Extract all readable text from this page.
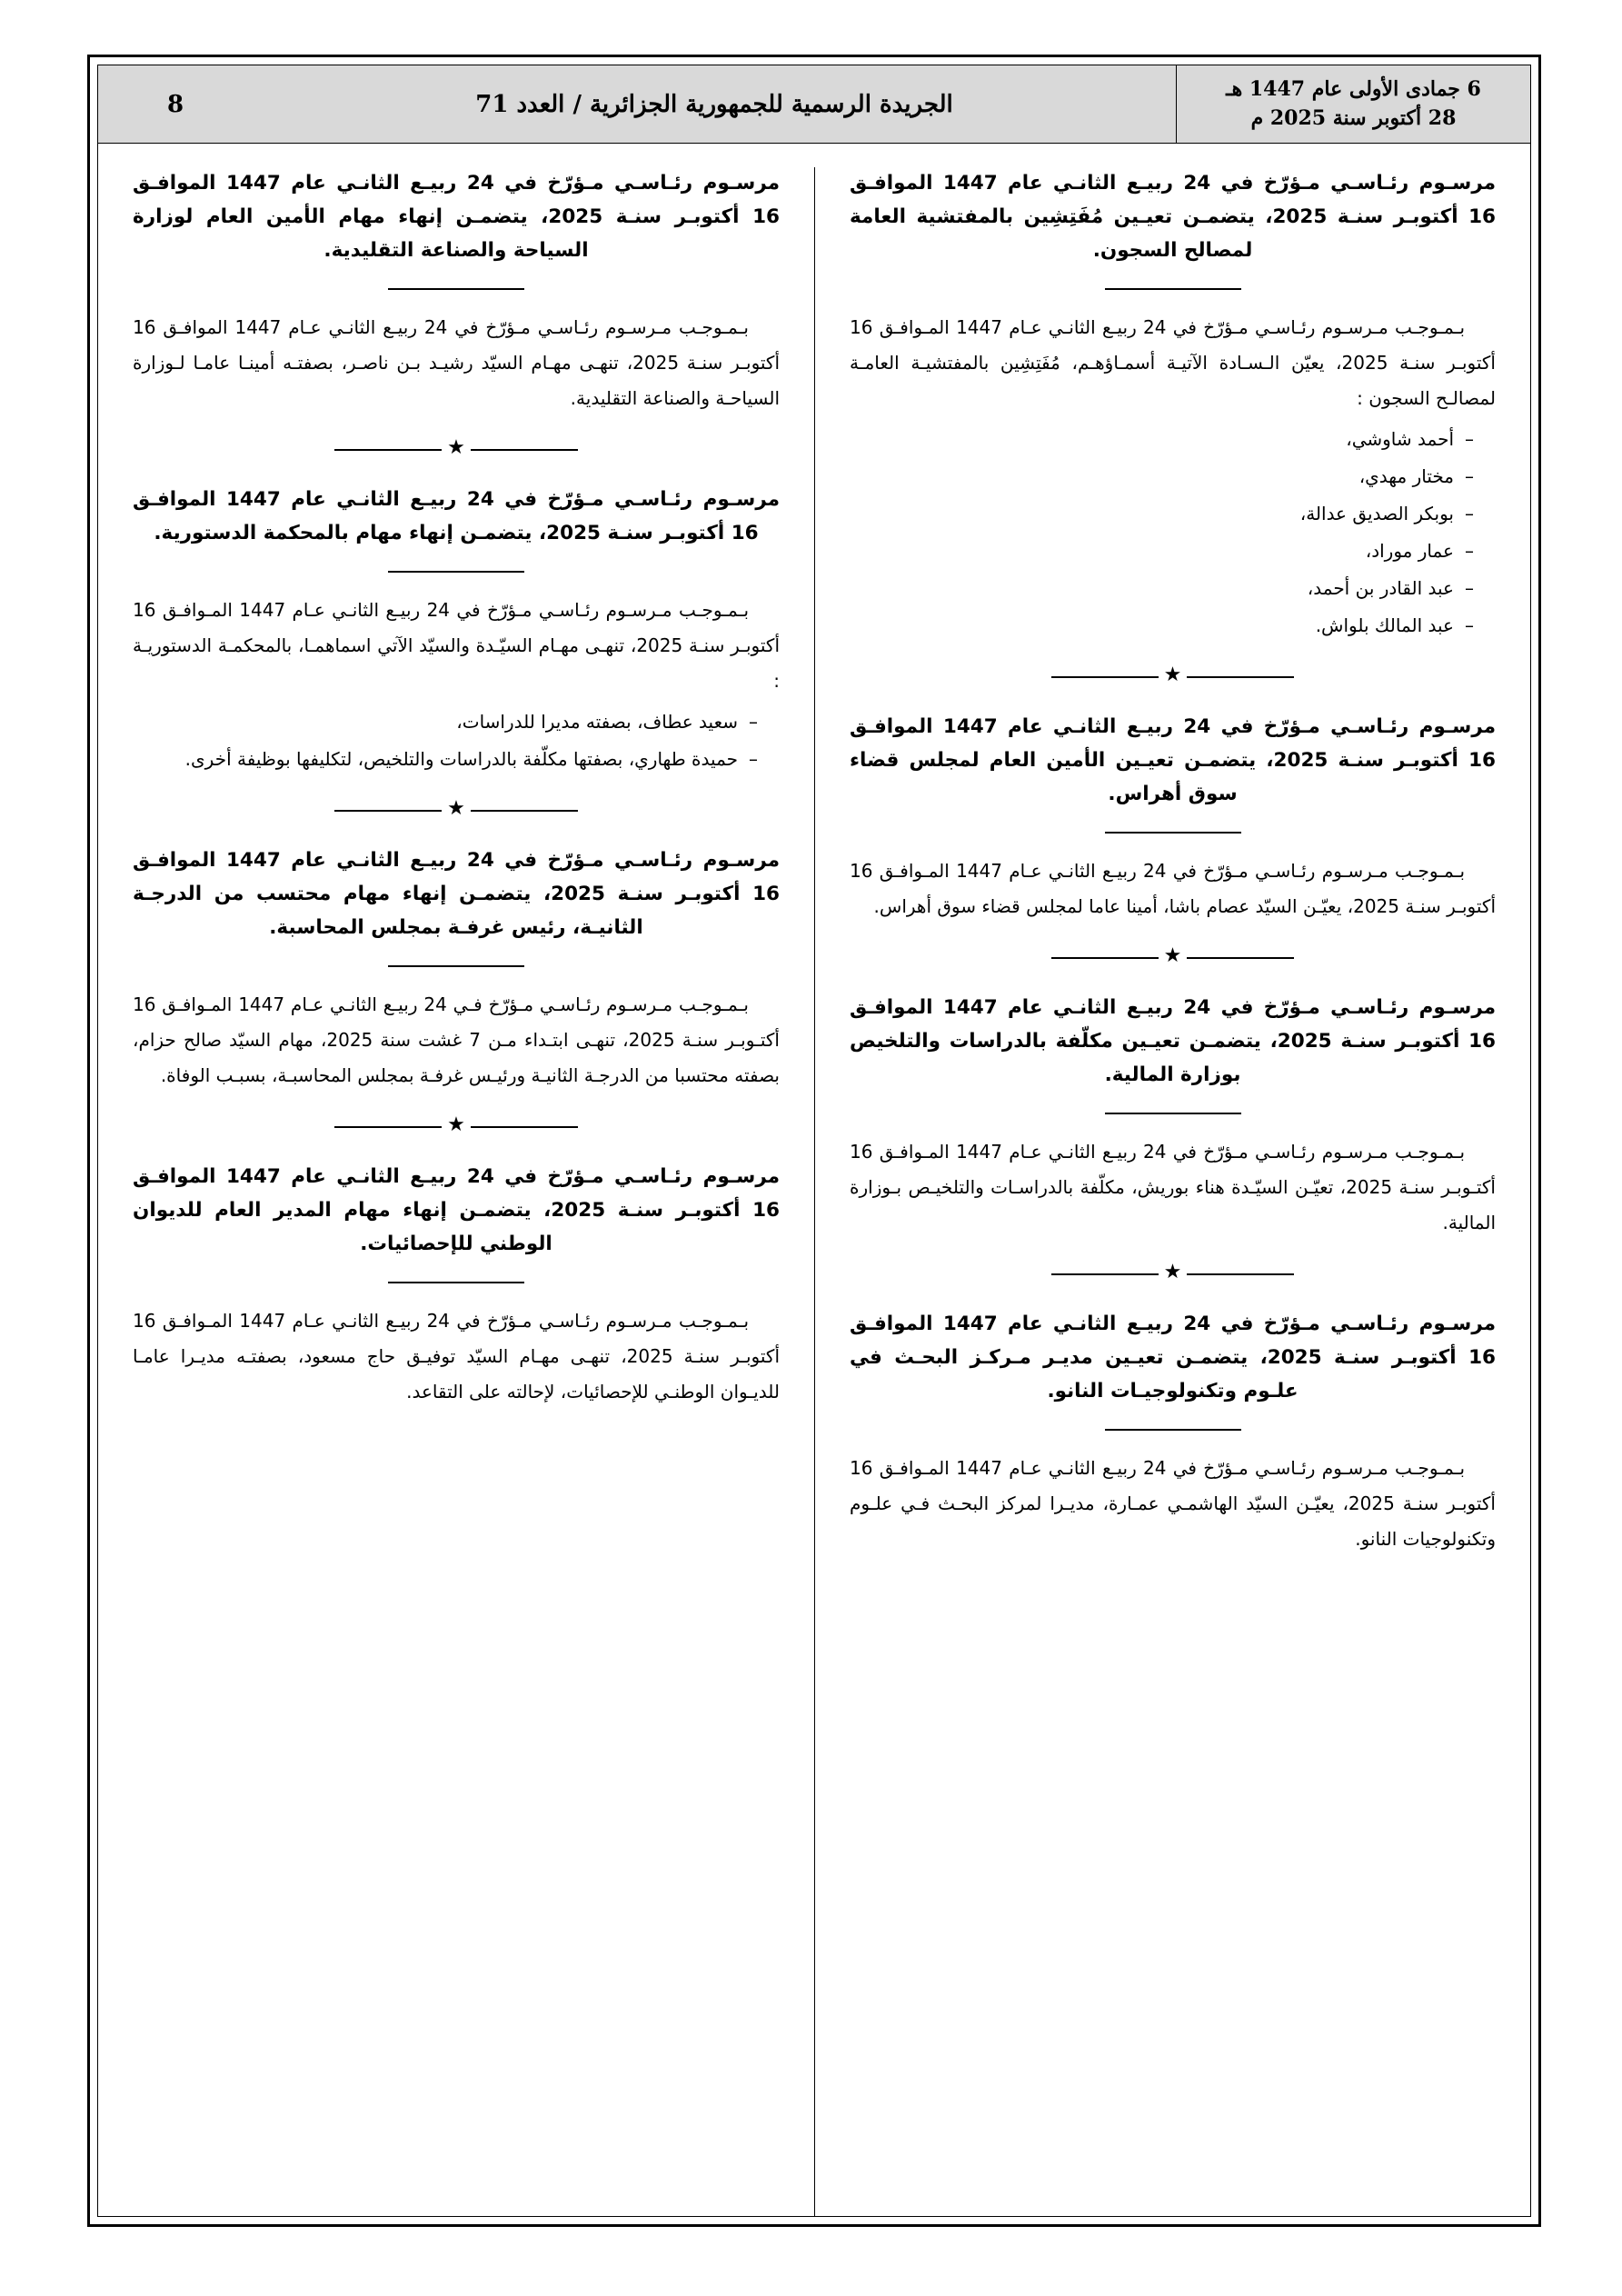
6 جمادى الأولى عام 1447 هـ
28 أكتوبر سنة 2025 م
الجريدة الرسمية للجمهورية الجزائرية / العدد 71
8

مرسـوم رئـاسـي مـؤرّخ في 24 ربيـع الثانـي عام 1447 الموافـق 16 أكتوبـر سنـة 2025، يتضمـن تعيـين مُفَتِشِين بالمفتشية العامة لمصالح السجون.

بـمـوجـب مـرسـوم رئـاسـي مـؤرّخ في 24 ربيـع الثانـي عـام 1447 المـوافـق 16 أكتوبـر سنـة 2025، يعيّن الـسـادة الآتيـة أسمـاؤهـم، مُفَتِشِين بالمفتشيـة العامـة لمصالـح السجون :

– أحمد شاوشي،
– مختار مهدي،
– بوبكر الصديق عدالة،
– عمار موراد،
– عبد القادر بن أحمد،
– عبد المالك بلواش.
★

مرسـوم رئـاسـي مـؤرّخ في 24 ربيـع الثانـي عام 1447 الموافـق 16 أكتوبـر سنـة 2025، يتضمـن تعيـين الأمين العام لمجلس قضاء سوق أهراس.

بـمـوجـب مـرسـوم رئـاسـي مـؤرّخ في 24 ربيـع الثانـي عـام 1447 المـوافـق 16 أكتوبـر سنـة 2025، يعيّـن السيّد عصام باشا، أمينا عاما لمجلس قضاء سوق أهراس.

★

مرسـوم رئـاسـي مـؤرّخ في 24 ربيـع الثانـي عام 1447 الموافـق 16 أكتوبـر سنـة 2025، يتضمـن تعيـين مكلّفة بالدراسات والتلخيص بوزارة المالية.

بـمـوجـب مـرسـوم رئـاسـي مـؤرّخ في 24 ربيـع الثانـي عـام 1447 المـوافـق 16 أكتـوبـر سنـة 2025، تعيّـن السيّـدة هناء بوريش، مكلّفة بالدراسـات والتلخيـص بـوزارة المالية.

★

مرسـوم رئـاسـي مـؤرّخ في 24 ربيـع الثانـي عام 1447 الموافـق 16 أكتوبـر سنـة 2025، يتضمـن تعيـين مديـر مـركـز البحـث في علـوم وتكنولوجيـات النانو.

بـمـوجـب مـرسـوم رئـاسـي مـؤرّخ في 24 ربيـع الثانـي عـام 1447 المـوافـق 16 أكتوبـر سنـة 2025، يعيّـن السيّد الهاشمـي عمـارة، مديـرا لمركز البحـث فـي علـوم وتكنولوجيات النانو.

مرسـوم رئـاسـي مـؤرّخ في 24 ربيـع الثانـي عام 1447 الموافـق 16 أكتوبـر سنـة 2025، يتضمـن إنهاء مهام الأمين العام لوزارة السياحة والصناعة التقليدية.

بـمـوجـب مـرسـوم رئـاسـي مـؤرّخ في 24 ربيـع الثانـي عـام 1447 الموافـق 16 أكتوبـر سنـة 2025، تنهـى مهـام السيّد رشيـد بـن ناصـر، بصفتـه أمينـا عامـا لـوزارة السياحـة والصناعة التقليدية.

★

مرسـوم رئـاسـي مـؤرّخ في 24 ربيـع الثانـي عام 1447 الموافـق 16 أكتوبـر سنـة 2025، يتضمـن إنهاء مهام بالمحكمة الدستورية.

بـمـوجـب مـرسـوم رئـاسـي مـؤرّخ في 24 ربيـع الثانـي عـام 1447 المـوافـق 16 أكتوبـر سنـة 2025، تنهـى مهـام السيّـدة والسيّد الآتي اسماهمـا، بالمحكمـة الدستوريـة :

– سعيد عطاف، بصفته مديرا للدراسات،
– حميدة طهاري، بصفتها مكلّفة بالدراسات والتلخيص، لتكليفها بوظيفة أخرى.
★

مرسـوم رئـاسـي مـؤرّخ في 24 ربيـع الثانـي عام 1447 الموافـق 16 أكتوبـر سنـة 2025، يتضمـن إنهاء مهام محتسب من الدرجـة الثانيـة، رئيس غرفـة بمجلس المحاسبة.

بـمـوجـب مـرسـوم رئـاسـي مـؤرّخ فـي 24 ربيـع الثانـي عـام 1447 المـوافـق 16 أكتـوبـر سنـة 2025، تنهـى ابتـداء مـن 7 غشت سنة 2025، مهام السيّد صالح حزام، بصفته محتسبا من الدرجـة الثانيـة ورئيـس غرفـة بمجلس المحاسبـة، بسبـب الوفاة.

★

مرسـوم رئـاسـي مـؤرّخ في 24 ربيـع الثانـي عام 1447 الموافـق 16 أكتوبـر سنـة 2025، يتضمـن إنهاء مهام المدير العام للديوان الوطني للإحصائيات.

بـمـوجـب مـرسـوم رئـاسـي مـؤرّخ في 24 ربيـع الثانـي عـام 1447 المـوافـق 16 أكتوبـر سنـة 2025، تنهـى مهـام السيّد توفيـق حاج مسعود، بصفتـه مديـرا عامـا للديـوان الوطنـي للإحصائيات، لإحالته على التقاعد.
